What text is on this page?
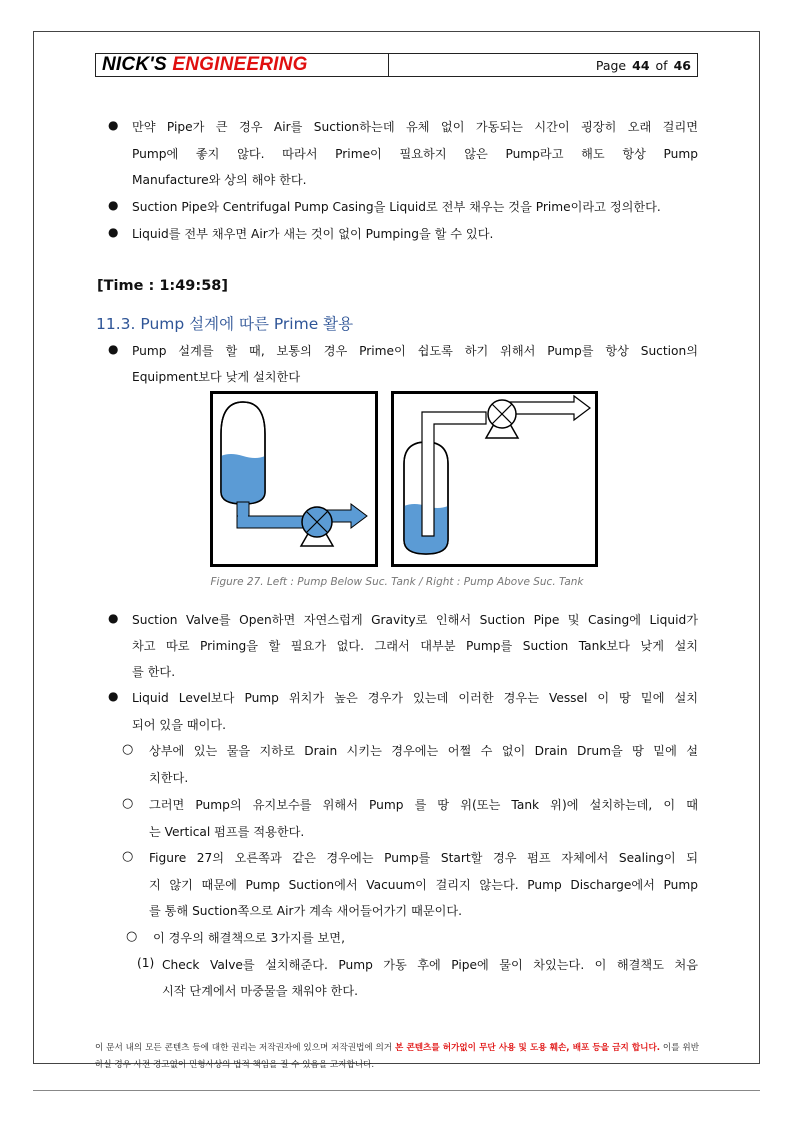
NICK'S
ENGINEERING	Page 44 of 46
● 만약 Pipe가 큰 경우 Air를 Suction하는데 유체 없이 가동되는 시간이 굉장히 오래 걸리면
Pump에 좋지 않다. 따라서 Prime이 필요하지 않은 Pump라고 해도 항상 Pump
Manufacture와 상의 해야 한다.
● Suction Pipe와 Centrifugal Pump Casing을 Liquid로 전부 채우는 것을 Prime이라고 정의한다.
● Liquid를 전부 채우면 Air가 새는 것이 없이 Pumping을 할 수 있다.
[Time : 1:49:58]
11.3. Pump 설계에 따른 Prime 활용
● Pump 설계를 할 때, 보통의 경우 Prime이 쉽도록 하기 위해서 Pump를 항상 Suction의
Equipment보다 낮게 설치한다
Figure 27. Left : Pump Below Suc. Tank / Right : Pump Above Suc. Tank
● Suction Valve를 Open하면 자연스럽게 Gravity로 인해서 Suction Pipe 및 Casing에 Liquid가
차고 따로 Priming을 할 필요가 없다. 그래서 대부분 Pump를 Suction Tank보다 낮게 설치
를 한다.
● Liquid Level보다 Pump 위치가 높은 경우가 있는데 이러한 경우는 Vessel 이 땅 밑에 설치
되어 있을 때이다.
○ 상부에 있는 물을 지하로 Drain 시키는 경우에는 어쩔 수 없이 Drain Drum을 땅 밑에 설
치한다.
○ 그러면 Pump의 유지보수를 위해서 Pump 를 땅 위(또는 Tank 위)에 설치하는데, 이 때
는 Vertical 펌프를 적용한다.
○ Figure 27의 오른쪽과 같은 경우에는 Pump를 Start할 경우 펌프 자체에서 Sealing이 되
지 않기 때문에 Pump Suction에서 Vacuum이 걸리지 않는다. Pump Discharge에서 Pump
를 통해 Suction쪽으로 Air가 계속 새어들어가기 때문이다.
○ 이 경우의 해결책으로 3가지를 보면,
(1) Check Valve를 설치해준다. Pump 가동 후에 Pipe에 물이 차있는다. 이 해결책도 처음
시작 단계에서 마중물을 채워야 한다.
이 문서 내의 모든 콘텐츠 등에 대한 권리는 저작권자에 있으며 저작권법에 의거 본 콘텐츠를 허가없이 무단 사용 및 도용 훼손, 배포 등을 금지 합니다. 이를 위반 하실 경우 사전 경고없이 민형사상의 법적 책임을 질 수 있음을 고지합니다.
